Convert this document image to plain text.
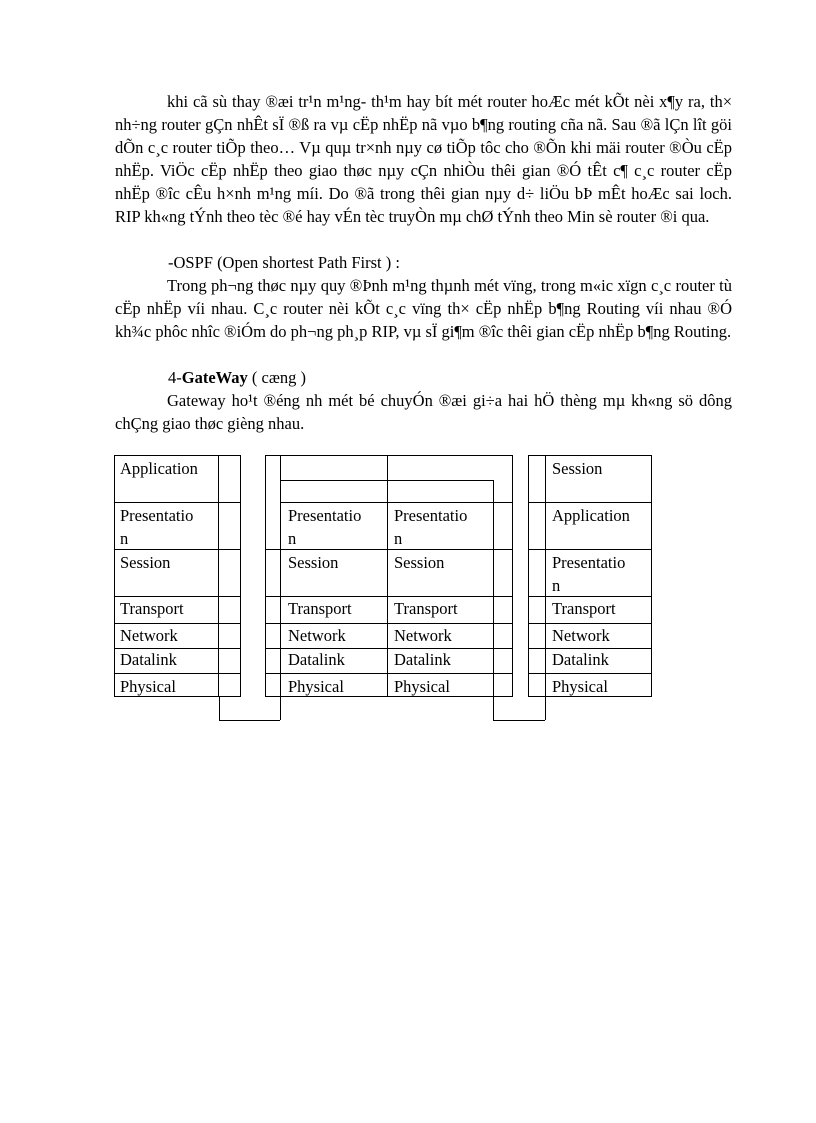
khi cã sù thay ®æi tr¹n m¹ng- th¹m hay bít mét router hoÆc mét kÕt nèi x¶y ra, th× nh÷ng router gÇn nhÊt sÏ ®ß ra vµ cËp nhËp nã vµo b¶ng routing cña nã. Sau ®ã lÇn lît göi dÕn c¸c router tiÕp theo… Vµ quµ tr×nh nµy cø tiÕp tôc cho ®Õn khi mäi router ®Òu cËp nhËp. ViÖc cËp nhËp theo giao thøc nµy cÇn nhiÒu thêi gian ®Ó tÊt c¶ c¸c router cËp nhËp ®îc cÊu h×nh m¹ng míi. Do ®ã trong thêi gian nµy d÷ liÖu bÞ mÊt hoÆc sai loch. RIP kh«ng tÝnh theo tèc ®é hay vÉn tèc truyÒn mµ chØ tÝnh theo Min sè router ®i qua.

-OSPF (Open shortest Path First ) :

Trong ph¬ng thøc nµy quy ®Þnh m¹ng thµnh mét vïng, trong m«ic xïgn c¸c router tù cËp nhËp víi nhau. C¸c router nèi kÕt c¸c vïng th× cËp nhËp b¶ng Routing víi nhau ®Ó kh¾c phôc nhîc ®iÓm do ph¬ng ph¸p RIP, vµ sÏ gi¶m ®îc thêi gian cËp nhËp b¶ng Routing.

4-GateWay ( cæng )

Gateway ho¹t ®éng nh mét bé chuyÓn ®æi gi÷a hai hÖ thèng mµ kh«ng sö dông chÇng giao thøc gièng nhau.

Application
Presentatio
n
Session
Transport
Network
Datalink
Physical
Presentatio
n
Session
Transport
Network
Datalink
Physical
Presentatio
n
Session
Transport
Network
Datalink
Physical
Session
Application
Presentatio
n
Transport
Network
Datalink
Physical
